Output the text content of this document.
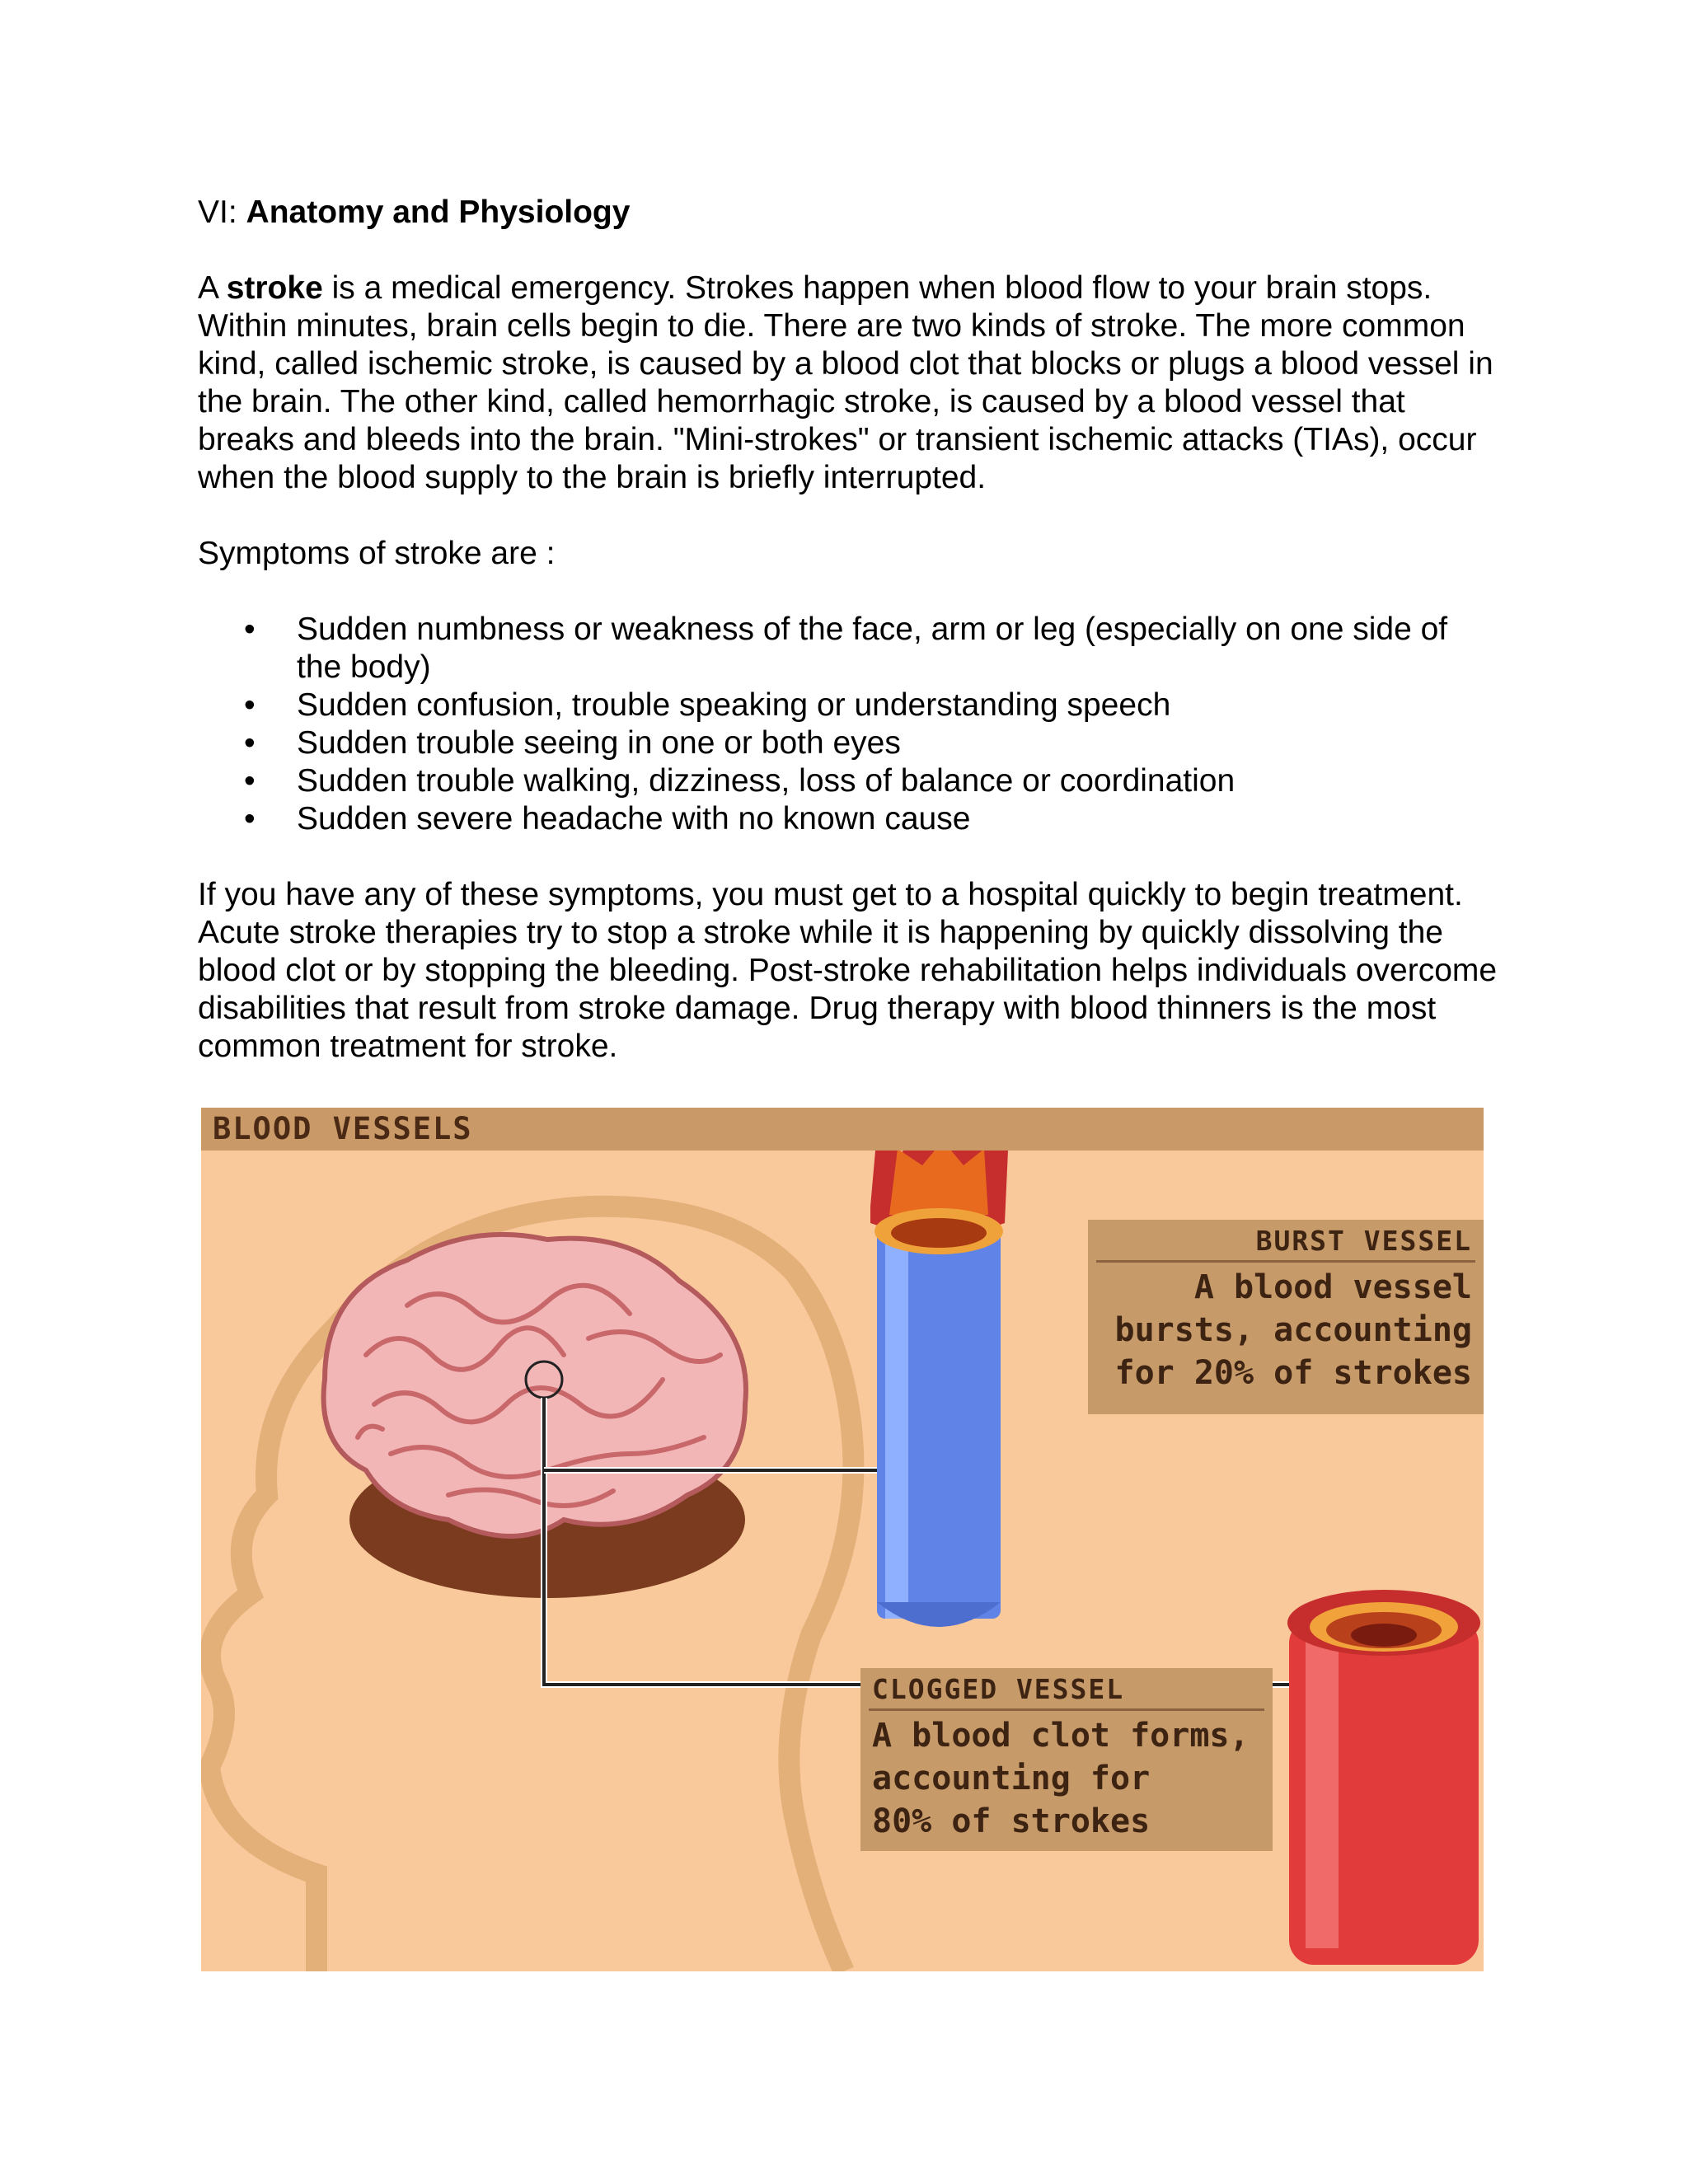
VI: Anatomy and Physiology

A stroke is a medical emergency. Strokes happen when blood flow to your brain stops. Within minutes, brain cells begin to die. There are two kinds of stroke. The more common kind, called ischemic stroke, is caused by a blood clot that blocks or plugs a blood vessel in the brain. The other kind, called hemorrhagic stroke, is caused by a blood vessel that breaks and bleeds into the brain. "Mini-strokes" or transient ischemic attacks (TIAs), occur when the blood supply to the brain is briefly interrupted.

Symptoms of stroke are :

• Sudden numbness or weakness of the face, arm or leg (especially on one side of the body)
• Sudden confusion, trouble speaking or understanding speech
• Sudden trouble seeing in one or both eyes
• Sudden trouble walking, dizziness, loss of balance or coordination
• Sudden severe headache with no known cause

If you have any of these symptoms, you must get to a hospital quickly to begin treatment. Acute stroke therapies try to stop a stroke while it is happening by quickly dissolving the blood clot or by stopping the bleeding. Post-stroke rehabilitation helps individuals overcome disabilities that result from stroke damage. Drug therapy with blood thinners is the most common treatment for stroke.

BLOOD VESSELS
BURST VESSEL
A blood vessel
bursts, accounting
for 20% of strokes
CLOGGED VESSEL
A blood clot forms,
accounting for
80% of strokes
